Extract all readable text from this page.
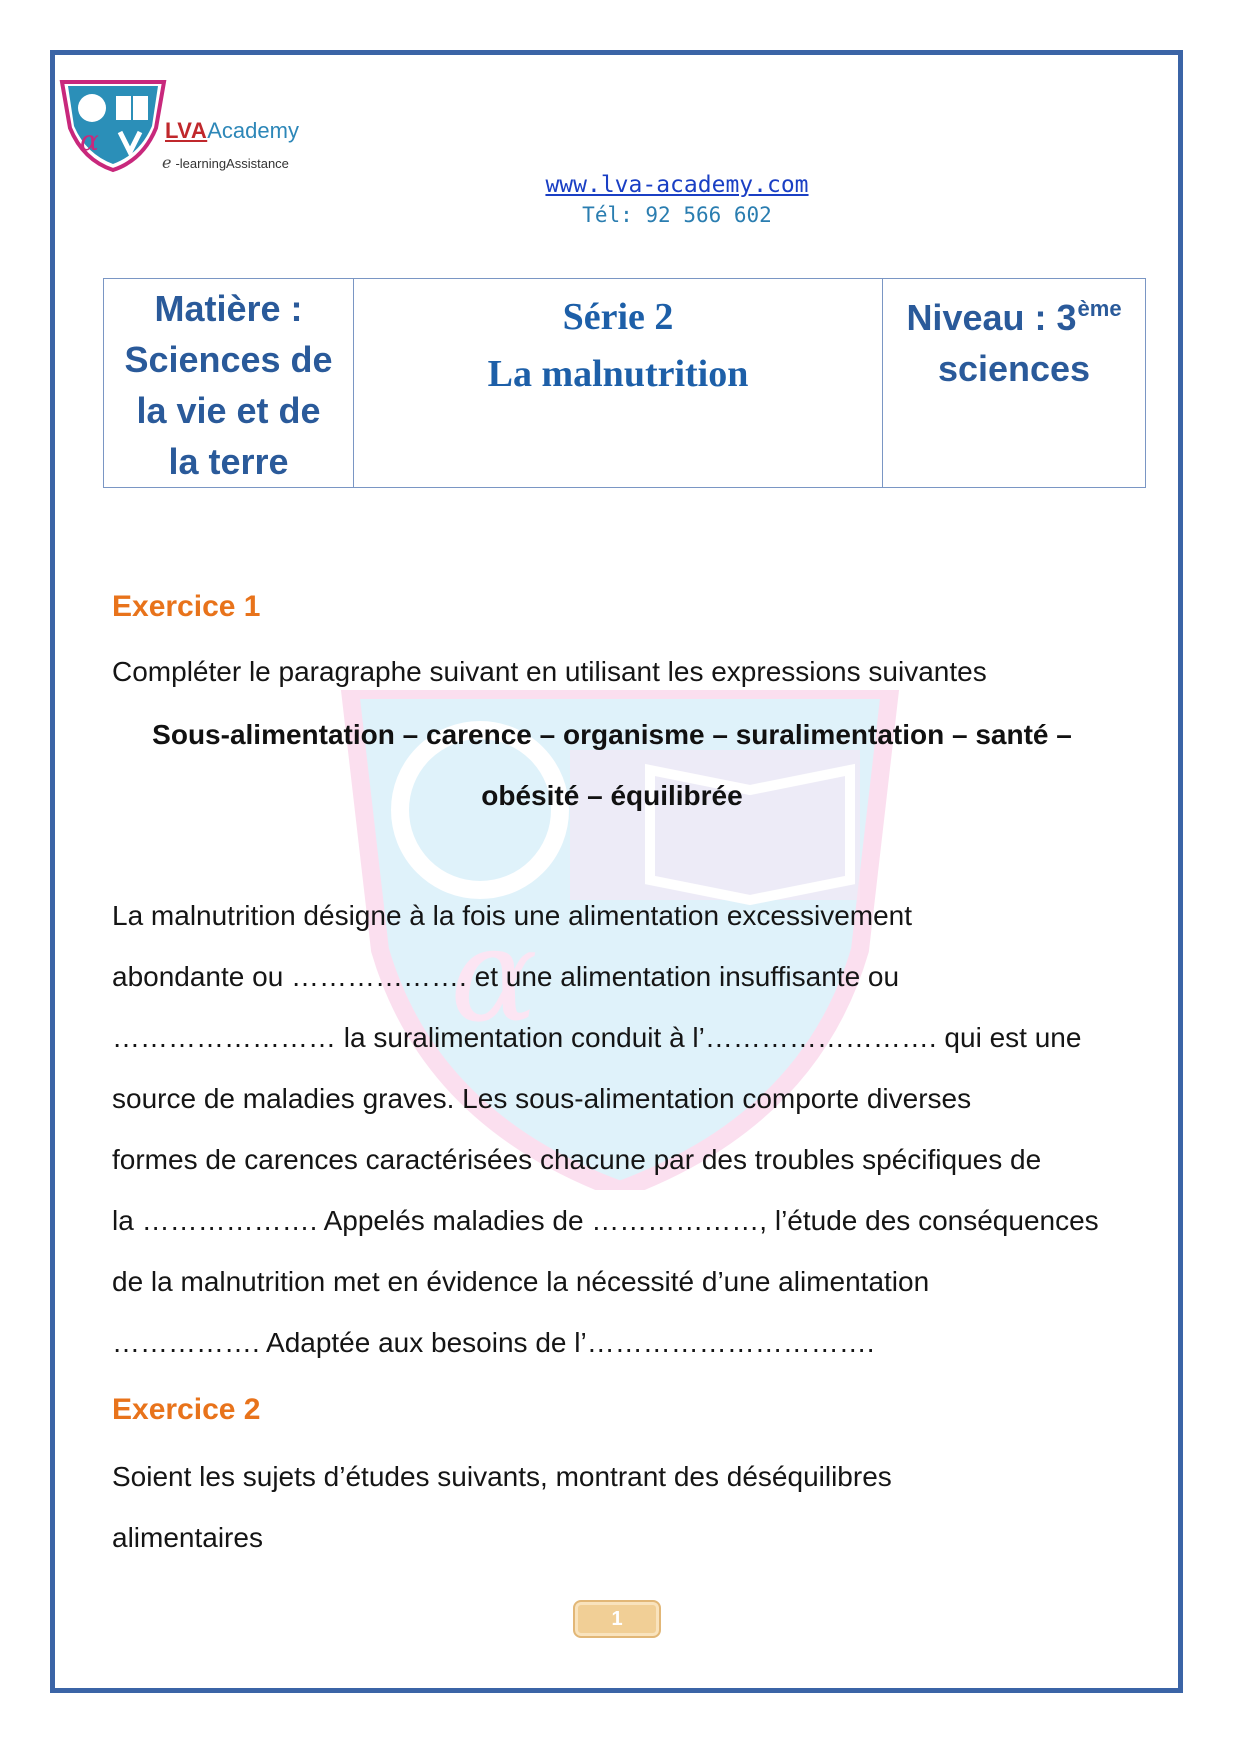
α
α	LVAAcademy
e -learningAssistance
www.lva-academy.com
Tél: 92 566 602
Matière :
Sciences de
la vie et de
la terre

Série 2
La malnutrition

Niveau : 3ème
sciences
Exercice 1
Compléter le paragraphe suivant en utilisant les expressions suivantes
Sous-alimentation – carence – organisme – suralimentation – santé –
obésité – équilibrée
La malnutrition désigne à la fois une alimentation excessivement
abondante ou ………………. et une alimentation insuffisante ou
…………………… la suralimentation conduit à l’……………………. qui est une
source de maladies graves. Les sous-alimentation comporte diverses
formes de carences caractérisées chacune par des troubles spécifiques de
la ………………. Appelés maladies de ………………, l’étude des conséquences
de la malnutrition met en évidence la nécessité d’une alimentation
……………. Adaptée aux besoins de l’………………………….
Exercice 2
Soient les sujets d’études suivants, montrant des déséquilibres
alimentaires
1
